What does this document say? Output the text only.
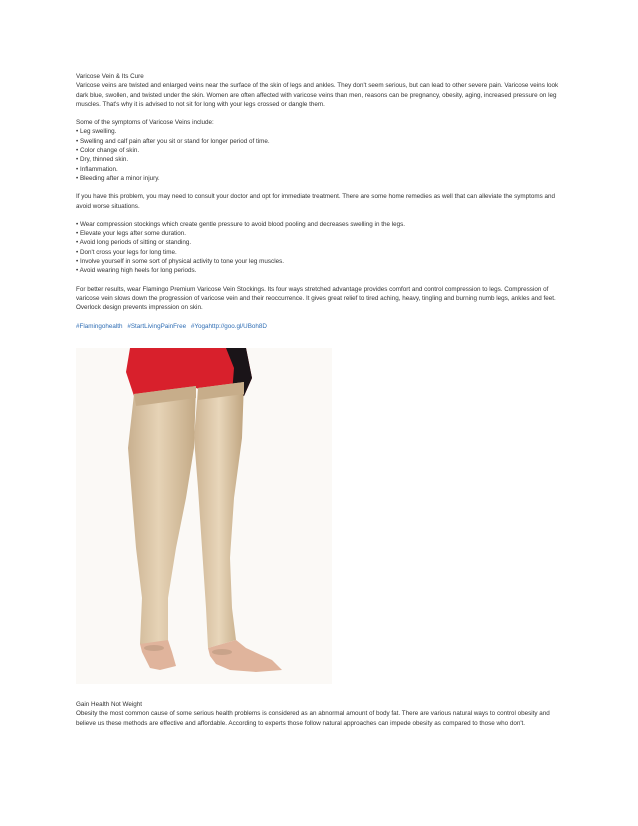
Varicose Vein & Its Cure

Varicose veins are twisted and enlarged veins near the surface of the skin of legs and ankles. They don't seem serious, but can lead to other severe pain. Varicose veins look dark blue, swollen, and twisted under the skin. Women are often affected with varicose veins than men, reasons can be pregnancy, obesity, aging, increased pressure on leg muscles. That's why it is advised to not sit for long with your legs crossed or dangle them.

Some of the symptoms of Varicose Veins include:

• Leg swelling.

• Swelling and calf pain after you sit or stand for longer period of time.

• Color change of skin.

• Dry, thinned skin.

• Inflammation.

• Bleeding after a minor injury.

If you have this problem, you may need to consult your doctor and opt for immediate treatment. There are some home remedies as well that can alleviate the symptoms and avoid worse situations.

• Wear compression stockings which create gentle pressure to avoid blood pooling and decreases swelling in the legs.

• Elevate your legs after some duration.

• Avoid long periods of sitting or standing.

• Don't cross your legs for long time.

• Involve yourself in some sort of physical activity to tone your leg muscles.

• Avoid wearing high heels for long periods.

For better results, wear Flamingo Premium Varicose Vein Stockings. Its four ways stretched advantage provides comfort and control compression to legs. Compression of varicose vein slows down the progression of varicose vein and their reoccurrence. It gives great relief to tired aching, heavy, tingling and burning numb legs, ankles and feet. Overlock design prevents impression on skin.

#Flamingohealth #StartLivingPainFree #Yogahttp://goo.gl/UBoh8D

Gain Health Not Weight

Obesity the most common cause of some serious health problems is considered as an abnormal amount of body fat. There are various natural ways to control obesity and believe us these methods are effective and affordable. According to experts those follow natural approaches can impede obesity as compared to those who don't.
